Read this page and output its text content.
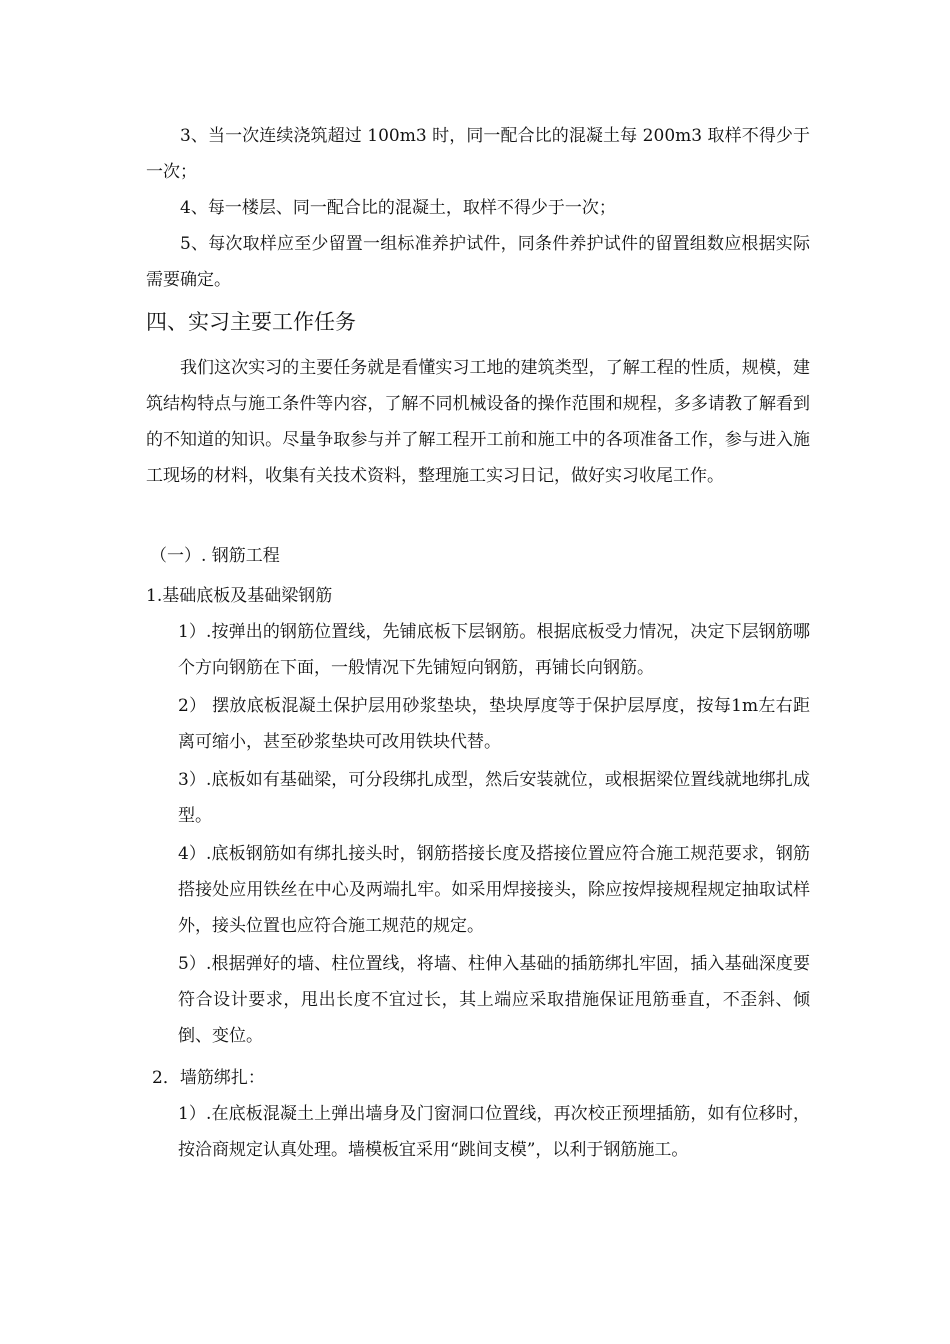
3、当一次连续浇筑超过 100m3 时，同一配合比的混凝土每 200m3 取样不得少于一次；

4、每一楼层、同一配合比的混凝土，取样不得少于一次；

5、每次取样应至少留置一组标准养护试件，同条件养护试件的留置组数应根据实际需要确定。

四、实习主要工作任务

我们这次实习的主要任务就是看懂实习工地的建筑类型，了解工程的性质，规模，建筑结构特点与施工条件等内容，了解不同机械设备的操作范围和规程，多多请教了解看到的不知道的知识。尽量争取参与并了解工程开工前和施工中的各项准备工作，参与进入施工现场的材料，收集有关技术资料，整理施工实习日记，做好实习收尾工作。

（一）. 钢筋工程

1.基础底板及基础梁钢筋

1）.按弹出的钢筋位置线，先铺底板下层钢筋。根据底板受力情况，决定下层钢筋哪个方向钢筋在下面，一般情况下先铺短向钢筋，再铺长向钢筋。

2） 摆放底板混凝土保护层用砂浆垫块，垫块厚度等于保护层厚度，按每1m左右距离可缩小，甚至砂浆垫块可改用铁块代替。

3）.底板如有基础梁，可分段绑扎成型，然后安装就位，或根据梁位置线就地绑扎成型。

4）.底板钢筋如有绑扎接头时，钢筋搭接长度及搭接位置应符合施工规范要求，钢筋搭接处应用铁丝在中心及两端扎牢。如采用焊接接头，除应按焊接规程规定抽取试样外，接头位置也应符合施工规范的规定。

5）.根据弹好的墙、柱位置线，将墙、柱伸入基础的插筋绑扎牢固，插入基础深度要符合设计要求，甩出长度不宜过长，其上端应采取措施保证甩筋垂直，不歪斜、倾倒、变位。

2．墙筋绑扎：

1）.在底板混凝土上弹出墙身及门窗洞口位置线，再次校正预埋插筋，如有位移时，按洽商规定认真处理。墙模板宜采用“跳间支模”，以利于钢筋施工。
